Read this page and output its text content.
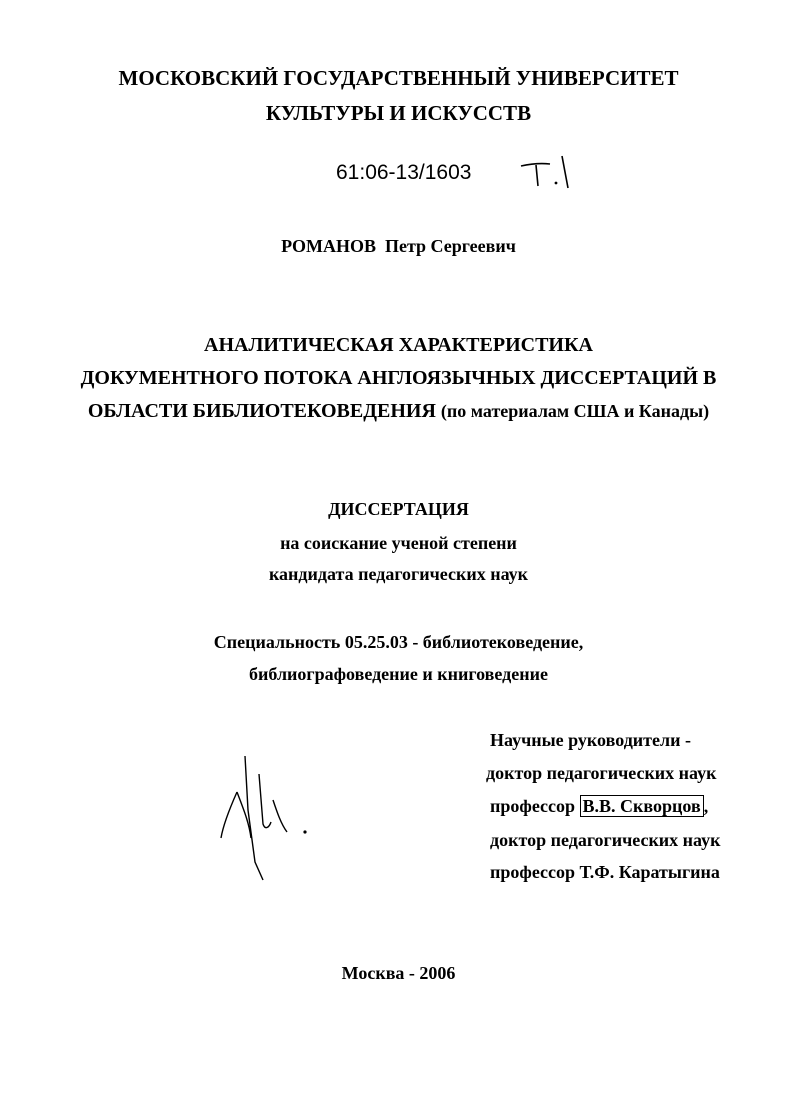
МОСКОВСКИЙ ГОСУДАРСТВЕННЫЙ УНИВЕРСИТЕТ
КУЛЬТУРЫ И ИСКУССТВ
61:06-13/1603
РОМАНОВ Петр Сергеевич
АНАЛИТИЧЕСКАЯ ХАРАКТЕРИСТИКА
ДОКУМЕНТНОГО ПОТОКА АНГЛОЯЗЫЧНЫХ ДИССЕРТАЦИЙ В
ОБЛАСТИ БИБЛИОТЕКОВЕДЕНИЯ (по материалам США и Канады)
ДИССЕРТАЦИЯ
на соискание ученой степени
кандидата педагогических наук
Специальность 05.25.03 - библиотековедение,
библиографоведение и книговедение
Научные руководители -
доктор педагогических наук
профессор В.В. Скворцов ,
доктор педагогических наук
профессор Т.Ф. Каратыгина
Москва - 2006
